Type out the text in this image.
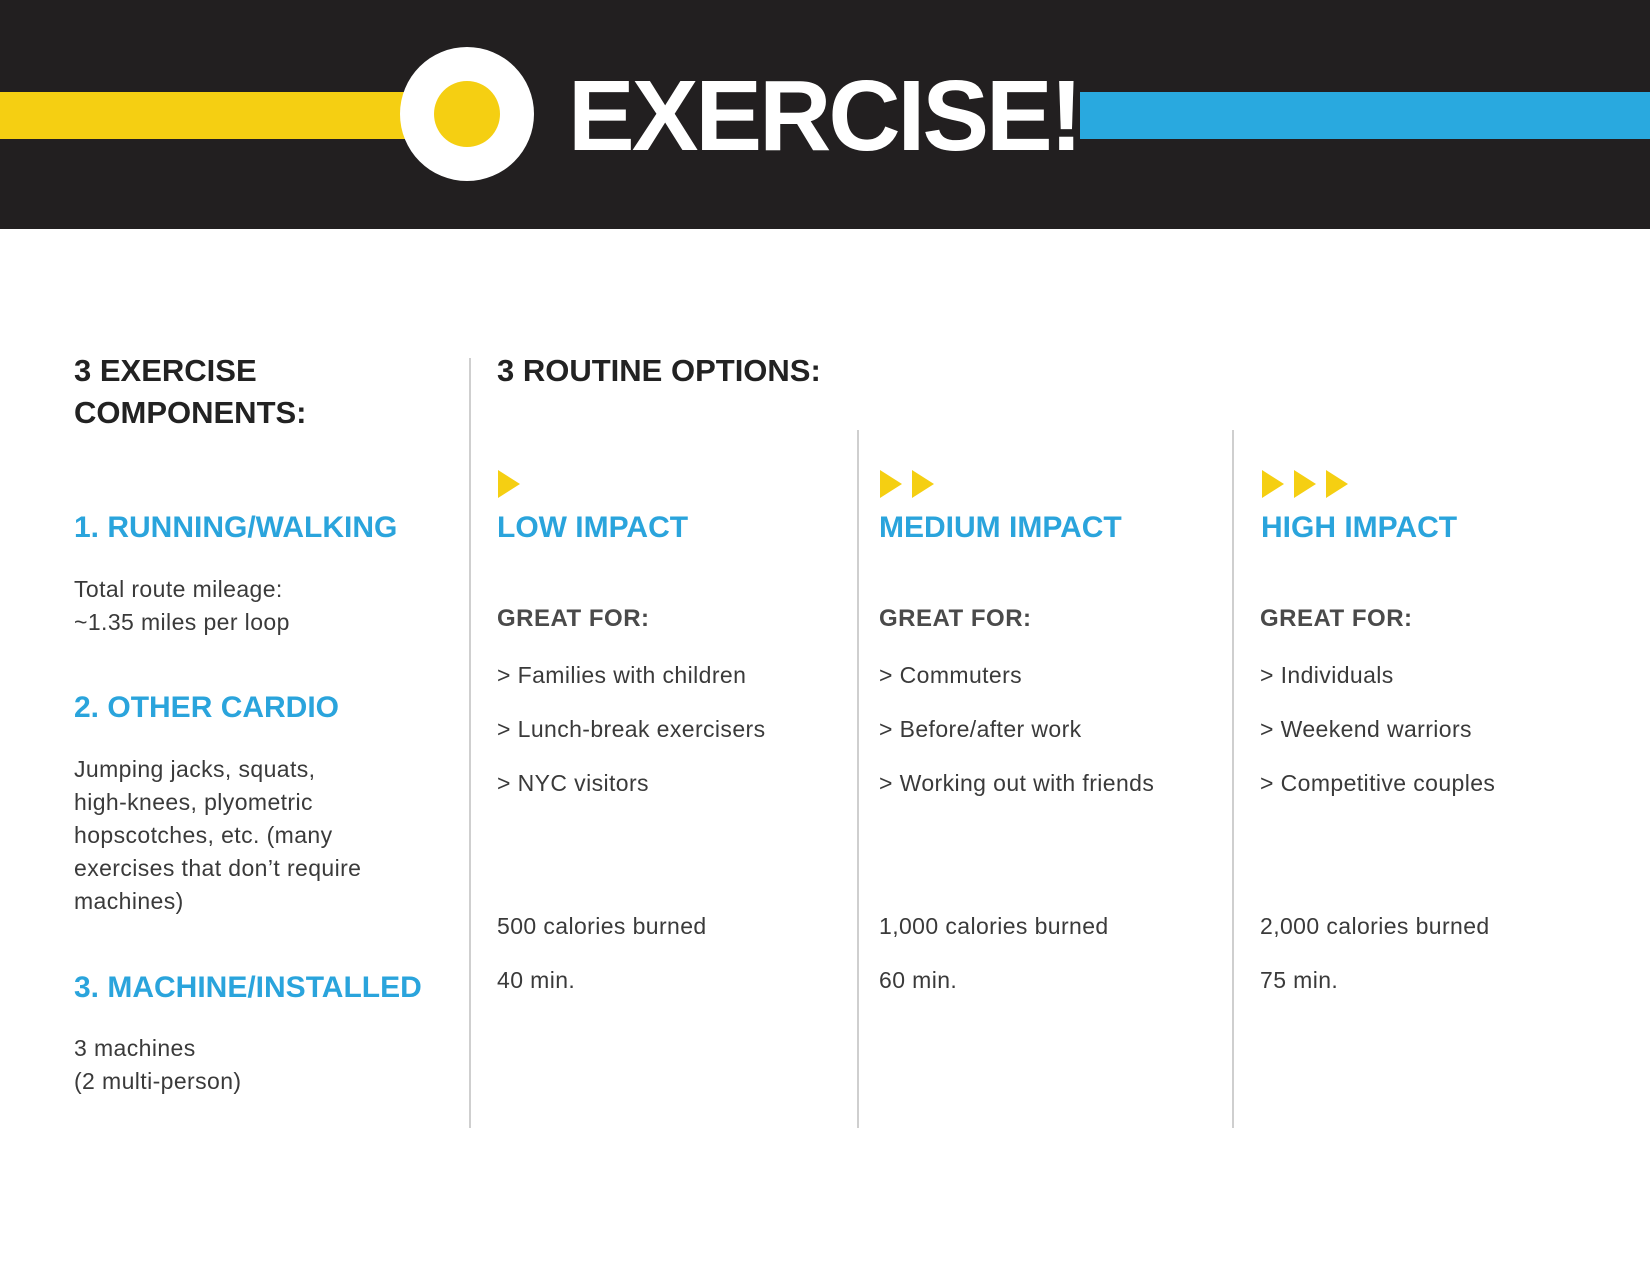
EXERCISE!
3 EXERCISE
COMPONENTS:
1. RUNNING/WALKING
Total route mileage:
~1.35 miles per loop
2. OTHER CARDIO
Jumping jacks, squats,
high-knees, plyometric
hopscotches, etc. (many
exercises that don’t require
machines)
3. MACHINE/INSTALLED
3 machines
(2 multi-person)
3 ROUTINE OPTIONS:
LOW IMPACT
GREAT FOR:
> Families with children
> Lunch-break exercisers
> NYC visitors
500 calories burned
40 min.
MEDIUM IMPACT
GREAT FOR:
> Commuters
> Before/after work
> Working out with friends
1,000 calories burned
60 min.
HIGH IMPACT
GREAT FOR:
> Individuals
> Weekend warriors
> Competitive couples
2,000 calories burned
75 min.
